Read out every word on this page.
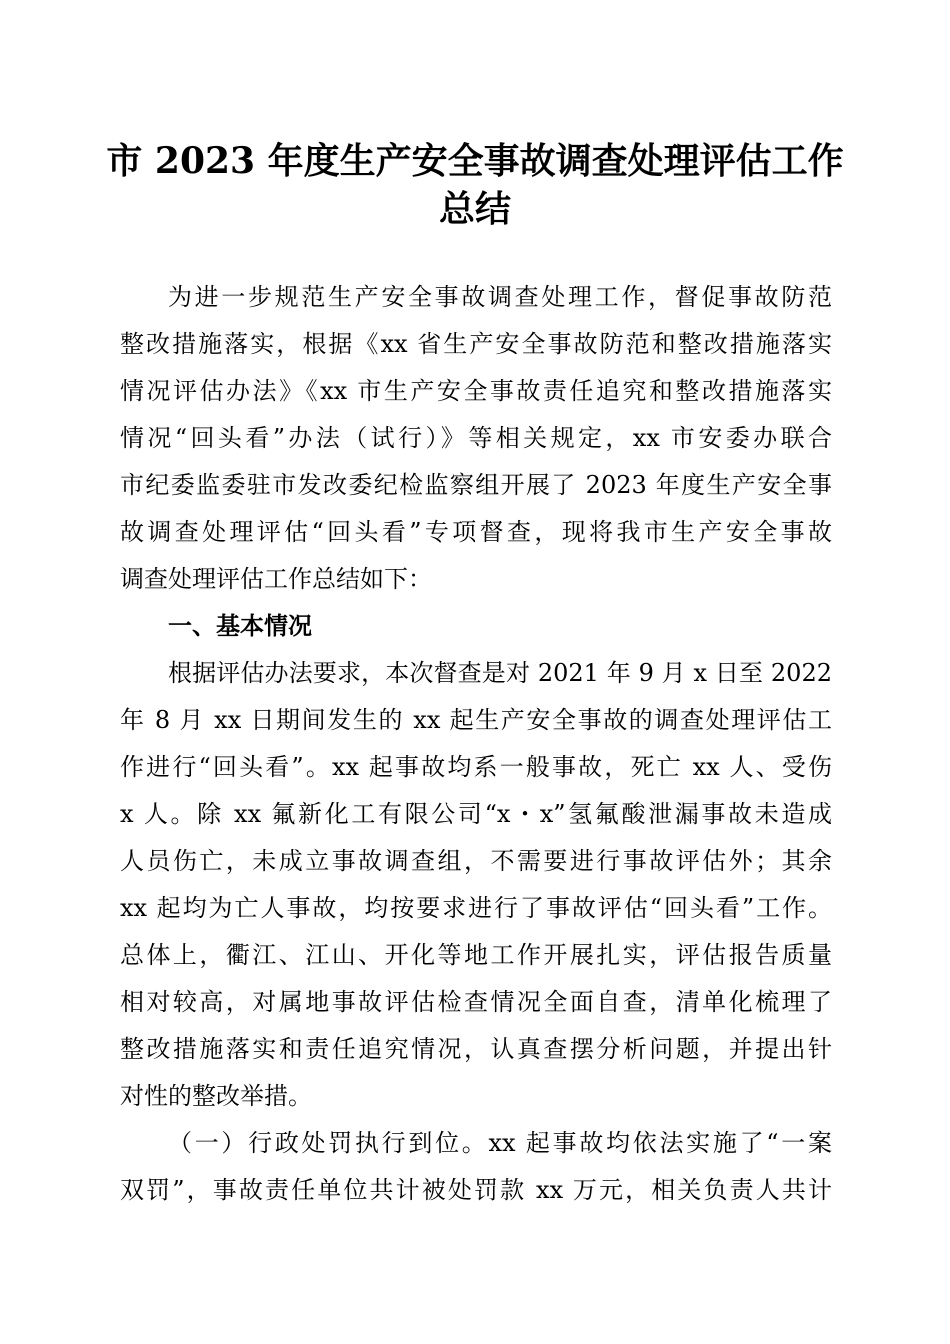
市 2023 年度生产安全事故调查处理评估工作
总结

为进一步规范生产安全事故调查处理工作，督促事故防范

整改措施落实，根据《xx 省生产安全事故防范和整改措施落实

情况评估办法》《xx 市生产安全事故责任追究和整改措施落实

情况“回头看”办法（试行）》等相关规定，xx 市安委办联合

市纪委监委驻市发改委纪检监察组开展了 2023 年度生产安全事

故调查处理评估“回头看”专项督查，现将我市生产安全事故

调查处理评估工作总结如下：

一、基本情况

根据评估办法要求，本次督查是对 2021 年 9 月 x 日至 2022

年 8 月 xx 日期间发生的 xx 起生产安全事故的调查处理评估工

作进行“回头看”。xx 起事故均系一般事故，死亡 xx 人、受伤

x 人。除 xx 氟新化工有限公司“x・x”氢氟酸泄漏事故未造成

人员伤亡，未成立事故调查组，不需要进行事故评估外；其余

xx 起均为亡人事故，均按要求进行了事故评估“回头看”工作。

总体上，衢江、江山、开化等地工作开展扎实，评估报告质量

相对较高，对属地事故评估检查情况全面自查，清单化梳理了

整改措施落实和责任追究情况，认真查摆分析问题，并提出针

对性的整改举措。

（一）行政处罚执行到位。xx 起事故均依法实施了“一案

双罚”，事故责任单位共计被处罚款 xx 万元，相关负责人共计
